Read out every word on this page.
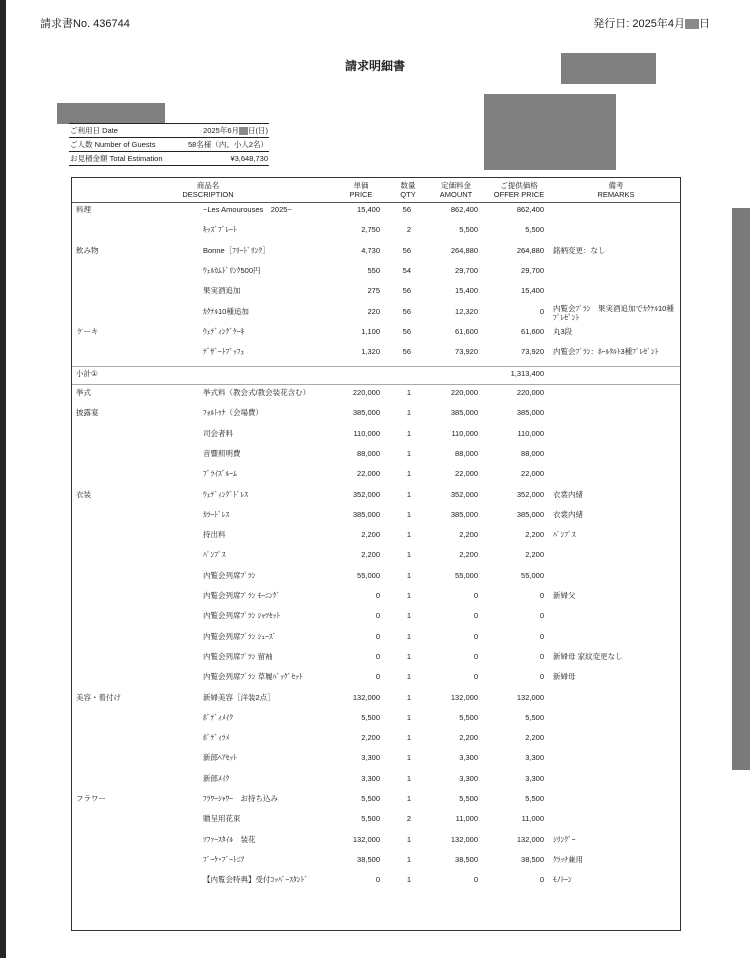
請求書No. 436744	発行日: 2025年4月 日
請求明細書
ご利用日 Date	2025年6月 日(日)
ご人数 Number of Guests	58名様（内、小人2名）
お見積金額 Total Estimation	¥3,648,730
商品名
DESCRIPTION
単価
PRICE
数量
QTY
定価料金
AMOUNT
ご提供価格
OFFER PRICE
備考
REMARKS
料理	~Les Amourouses　2025~	15,400	56	862,400	862,400
ｷｯｽﾞﾌﾟﾚｰﾄ	2,750	2	5,500	5,500
飲み物	Bonne［ﾌﾘｰﾄﾞﾘﾝｸ］	4,730	56	264,880	264,880 銘柄変更：なし
ｳｪﾙｶﾑﾄﾞﾘﾝｸ500円	550	54	29,700	29,700
果実酒追加	275	56	15,400	15,400
ｶｸﾃﾙ10種追加	220	56	12,320	0 内覧会ﾌﾟﾗﾝ　果実酒追加でｶｸﾃﾙ10種ﾌﾟﾚｾﾞﾝﾄ
ケーキ	ｳｪﾃﾞｨﾝｸﾞｹｰｷ	1,100	56	61,600	61,600 丸3段
ﾃﾞｻﾞｰﾄﾌﾞｯﾌｪ	1,320	56	73,920	73,920 内覧会ﾌﾟﾗﾝ：ﾎｰﾙﾀﾙﾄ3種ﾌﾟﾚｾﾞﾝﾄ
小計①	1,313,400
挙式	挙式料（教会式/教会装花含む）	220,000	1	220,000	220,000
披露宴	ﾌｫﾙﾄｩﾅ（会場費）	385,000	1	385,000	385,000
司会者料	110,000	1	110,000	110,000
音響照明費	88,000	1	88,000	88,000
ﾌﾞﾗｲｽﾞﾙｰﾑ	22,000	1	22,000	22,000
衣装	ｳｪﾃﾞｨﾝｸﾞﾄﾞﾚｽ	352,000	1	352,000	352,000 衣裳内緒
ｶﾗｰﾄﾞﾚｽ	385,000	1	385,000	385,000 衣裳内緒
持出料	2,200	1	2,200	2,200 ﾊﾟﾝﾌﾟｽ
ﾊﾟﾝﾌﾟｽ	2,200	1	2,200	2,200
内覧会列席ﾌﾟﾗﾝ	55,000	1	55,000	55,000
内覧会列席ﾌﾟﾗﾝ ﾓｰﾆﾝｸﾞ	0	1	0	0 新婦父
内覧会列席ﾌﾟﾗﾝ ｼｬﾂｾｯﾄ	0	1	0	0
内覧会列席ﾌﾟﾗﾝ ｼｭｰｽﾞ	0	1	0	0
内覧会列席ﾌﾟﾗﾝ 留袖	0	1	0	0 新婦母 家紋変更なし
内覧会列席ﾌﾟﾗﾝ 草履ﾊﾞｯｸﾞｾｯﾄ	0	1	0	0 新婦母
美容・着付け	新婦美容［洋装2点］	132,000	1	132,000	132,000
ﾎﾞﾃﾞｨﾒｲｸ	5,500	1	5,500	5,500
ﾎﾞﾃﾞｨﾗﾒ	2,200	1	2,200	2,200
新郎ﾍｱｾｯﾄ	3,300	1	3,300	3,300
新郎ﾒｲｸ	3,300	1	3,300	3,300
フラワー	ﾌﾗﾜｰｼｬﾜｰ　お持ち込み	5,500	1	5,500	5,500
贈呈用花束	5,500	2	11,000	11,000
ｿﾌｧｰｽﾀｲﾙ　装花	132,000	1	132,000	132,000 ｼﾘﾝｸﾞｰ
ﾌﾞｰｹ･ﾌﾞｰﾄﾆｱ	38,500	1	38,500	38,500 ｸﾗｯﾁ兼用
【内覧会特典】受付ｺｯﾊﾟｰｽﾀﾝﾄﾞ	0	1	0	0 ﾓﾉﾄｰﾝ
